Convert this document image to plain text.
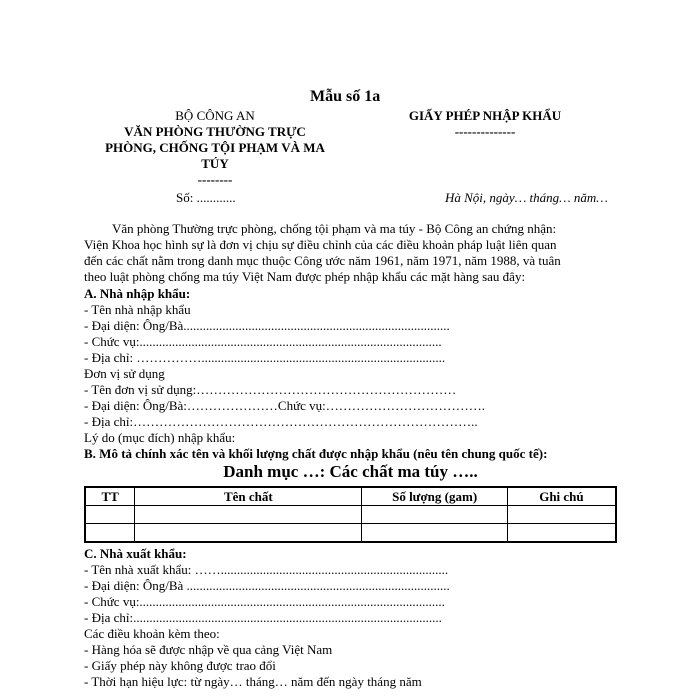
Mẫu số 1a
BỘ CÔNG AN
VĂN PHÒNG THƯỜNG TRỰC
PHÒNG, CHỐNG TỘI PHẠM VÀ MA
TÚY
--------
Số: ............
GIẤY PHÉP NHẬP KHẨU
--------------
Hà Nội, ngày… tháng… năm…
Văn phòng Thường trực phòng, chống tội phạm và ma túy - Bộ Công an chứng nhận:
Viện Khoa học hình sự là đơn vị chịu sự điều chỉnh của các điều khoản pháp luật liên quan
đến các chất nằm trong danh mục thuộc Công ước năm 1961, năm 1971, năm 1988, và tuân
theo luật phòng chống ma túy Việt Nam được phép nhập khẩu các mặt hàng sau đây:
A. Nhà nhập khẩu:
- Tên nhà nhập khẩu
- Đại diện: Ông/Bà..................................................................................
- Chức vụ:.............................................................................................
- Địa chỉ: ……………...........................................................................
Đơn vị sử dụng
- Tên đơn vị sử dụng:……………………………………………………
- Đại diện: Ông/Bà:…………………Chức vụ:……………………………….
- Địa chỉ:……………………………………………………………………..
Lý do (mục đích) nhập khẩu:
B. Mô tả chính xác tên và khối lượng chất được nhập khẩu (nêu tên chung quốc tế):
Danh mục …: Các chất ma túy …..
TT	Tên chất	Số lượng (gam)	Ghi chú

C. Nhà xuất khẩu:
- Tên nhà xuất khẩu: ……......................................................................
- Đại diện: Ông/Bà .................................................................................
- Chức vụ:..............................................................................................
- Địa chỉ:...............................................................................................
Các điều khoản kèm theo:
- Hàng hóa sẽ được nhập về qua cảng Việt Nam
- Giấy phép này không được trao đổi
- Thời hạn hiệu lực: từ ngày… tháng… năm đến ngày tháng năm
